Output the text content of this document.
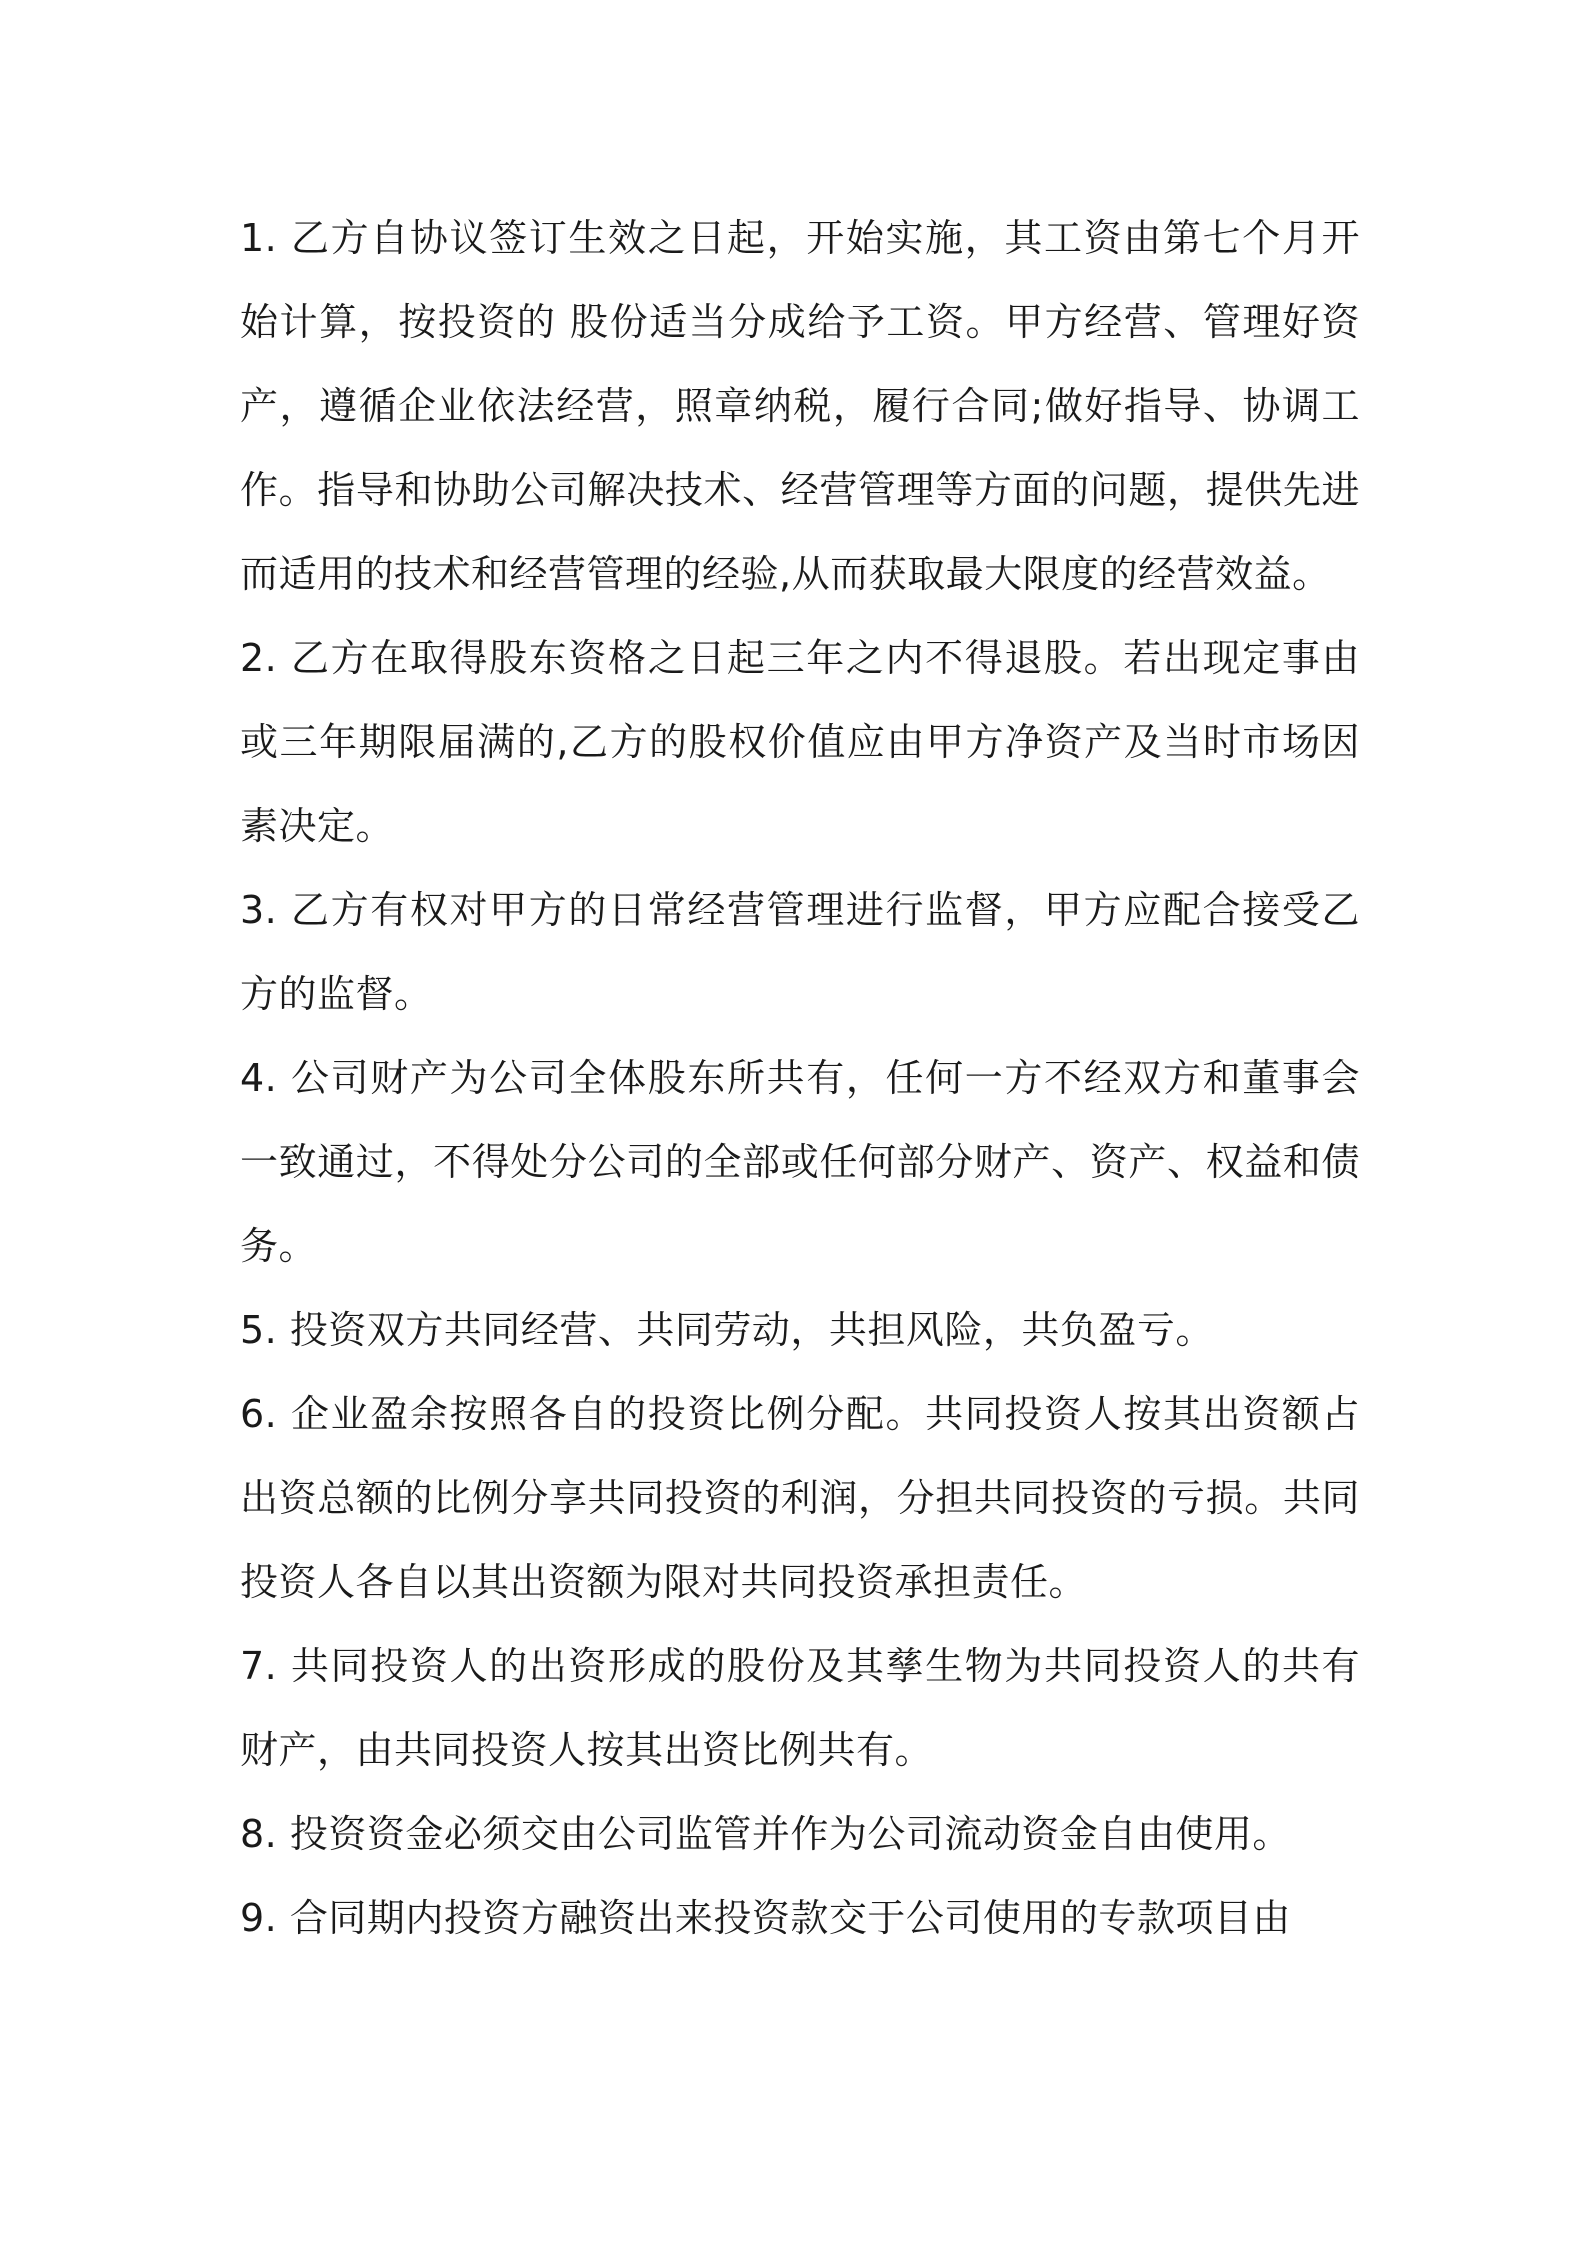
1. 乙方自协议签订生效之日起，开始实施，其工资由第七个月开始计算，按投资的 股份适当分成给予工资。甲方经营、管理好资产，遵循企业依法经营，照章纳税，履行合同;做好指导、协调工作。指导和协助公司解决技术、经营管理等方面的问题，提供先进而适用的技术和经营管理的经验,从而获取最大限度的经营效益。

2. 乙方在取得股东资格之日起三年之内不得退股。若出现定事由或三年期限届满的,乙方的股权价值应由甲方净资产及当时市场因素决定。

3. 乙方有权对甲方的日常经营管理进行监督，甲方应配合接受乙方的监督。

4. 公司财产为公司全体股东所共有，任何一方不经双方和董事会一致通过，不得处分公司的全部或任何部分财产、资产、权益和债务。

5. 投资双方共同经营、共同劳动，共担风险，共负盈亏。

6. 企业盈余按照各自的投资比例分配。共同投资人按其出资额占出资总额的比例分享共同投资的利润，分担共同投资的亏损。共同投资人各自以其出资额为限对共同投资承担责任。

7. 共同投资人的出资形成的股份及其孳生物为共同投资人的共有财产，由共同投资人按其出资比例共有。

8. 投资资金必须交由公司监管并作为公司流动资金自由使用。

9. 合同期内投资方融资出来投资款交于公司使用的专款项目由
